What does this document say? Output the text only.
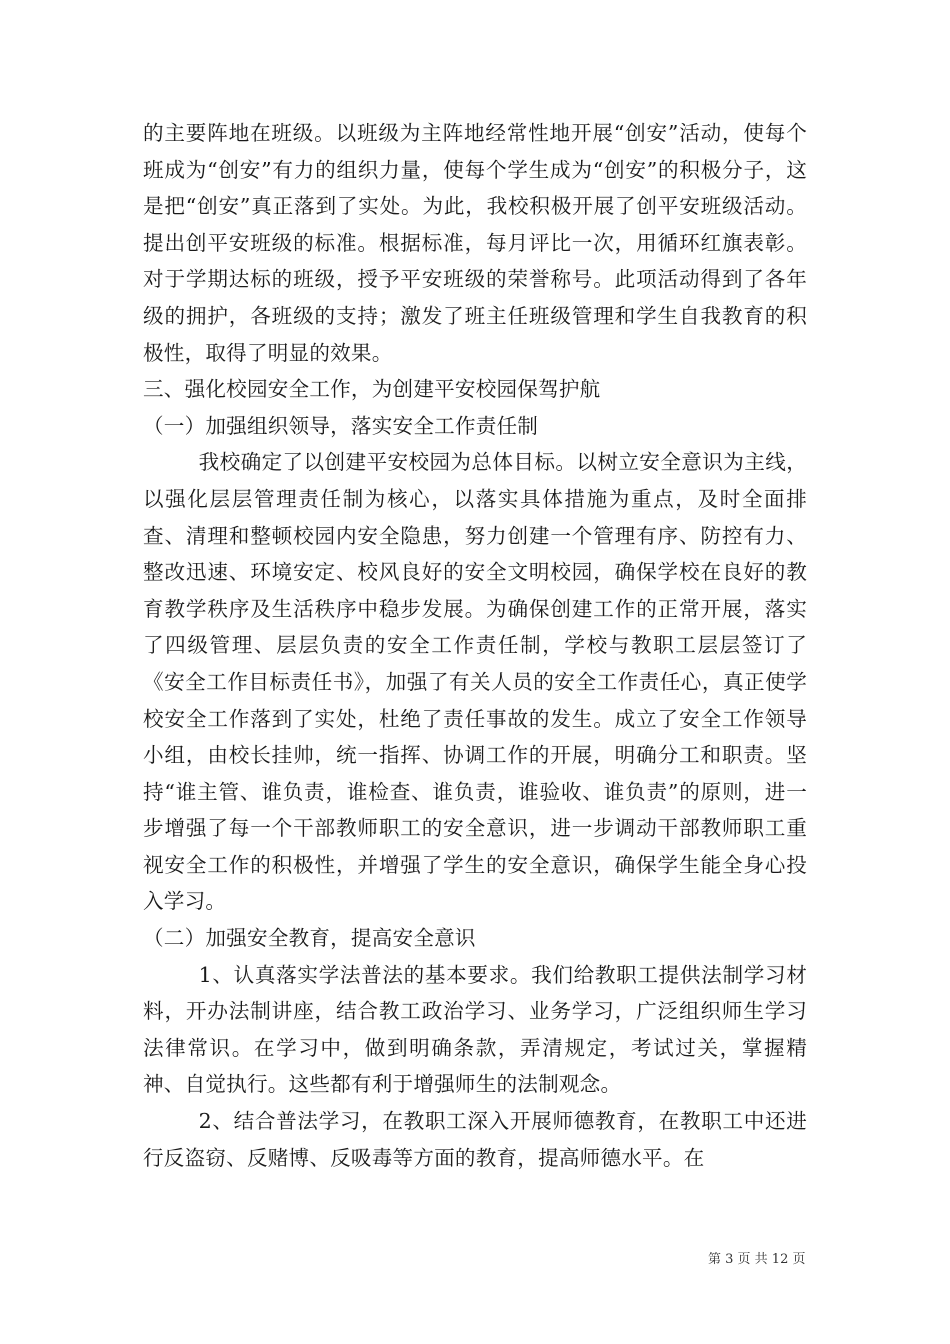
的主要阵地在班级。以班级为主阵地经常性地开展“创安”活动，使每个班成为“创安”有力的组织力量，使每个学生成为“创安”的积极分子，这是把“创安”真正落到了实处。为此，我校积极开展了创平安班级活动。提出创平安班级的标准。根据标准，每月评比一次，用循环红旗表彰。对于学期达标的班级，授予平安班级的荣誉称号。此项活动得到了各年级的拥护，各班级的支持；激发了班主任班级管理和学生自我教育的积极性，取得了明显的效果。

三、强化校园安全工作，为创建平安校园保驾护航

（一）加强组织领导，落实安全工作责任制

我校确定了以创建平安校园为总体目标。以树立安全意识为主线，以强化层层管理责任制为核心，以落实具体措施为重点，及时全面排查、清理和整顿校园内安全隐患，努力创建一个管理有序、防控有力、整改迅速、环境安定、校风良好的安全文明校园，确保学校在良好的教育教学秩序及生活秩序中稳步发展。为确保创建工作的正常开展，落实了四级管理、层层负责的安全工作责任制，学校与教职工层层签订了《安全工作目标责任书》，加强了有关人员的安全工作责任心，真正使学校安全工作落到了实处，杜绝了责任事故的发生。成立了安全工作领导小组，由校长挂帅，统一指挥、协调工作的开展，明确分工和职责。坚持“谁主管、谁负责，谁检查、谁负责，谁验收、谁负责”的原则，进一步增强了每一个干部教师职工的安全意识，进一步调动干部教师职工重视安全工作的积极性，并增强了学生的安全意识，确保学生能全身心投入学习。

（二）加强安全教育，提高安全意识

1、认真落实学法普法的基本要求。我们给教职工提供法制学习材料，开办法制讲座，结合教工政治学习、业务学习，广泛组织师生学习法律常识。在学习中，做到明确条款，弄清规定，考试过关，掌握精神、自觉执行。这些都有利于增强师生的法制观念。

2、结合普法学习，在教职工深入开展师德教育，在教职工中还进行反盗窃、反赌博、反吸毒等方面的教育，提高师德水平。在

第 3 页 共 12 页
